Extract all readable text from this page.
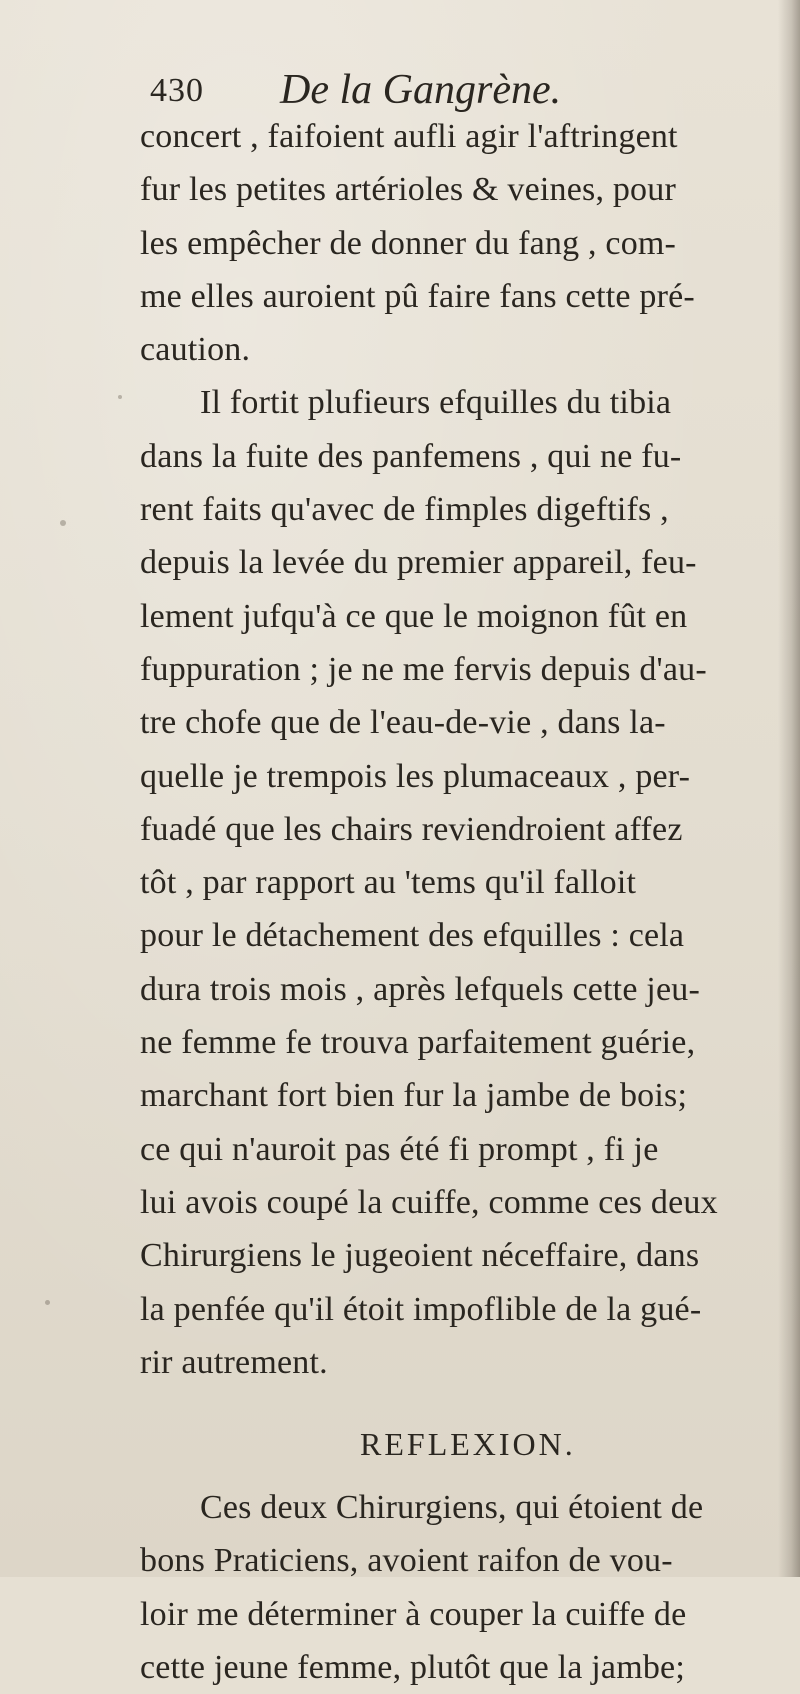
430 De la Gangrène.
concert , faifoient aufli agir l'aftringent
fur les petites artérioles & veines, pour
les empêcher de donner du fang , com-
me elles auroient pû faire fans cette pré-
caution.
Il fortit plufieurs efquilles du tibia
dans la fuite des panfemens , qui ne fu-
rent faits qu'avec de fimples digeftifs ,
depuis la levée du premier appareil, feu-
lement jufqu'à ce que le moignon fût en
fuppuration ; je ne me fervis depuis d'au-
tre chofe que de l'eau-de-vie , dans la-
quelle je trempois les plumaceaux , per-
fuadé que les chairs reviendroient affez
tôt , par rapport au 'tems qu'il falloit
pour le détachement des efquilles : cela
dura trois mois , après lefquels cette jeu-
ne femme fe trouva parfaitement guérie,
marchant fort bien fur la jambe de bois;
ce qui n'auroit pas été fi prompt , fi je
lui avois coupé la cuiffe, comme ces deux
Chirurgiens le jugeoient néceffaire, dans
la penfée qu'il étoit impoflible de la gué-
rir autrement.
REFLEXION.
Ces deux Chirurgiens, qui étoient de
bons Praticiens, avoient raifon de vou-
loir me déterminer à couper la cuiffe de
cette jeune femme, plutôt que la jambe;
